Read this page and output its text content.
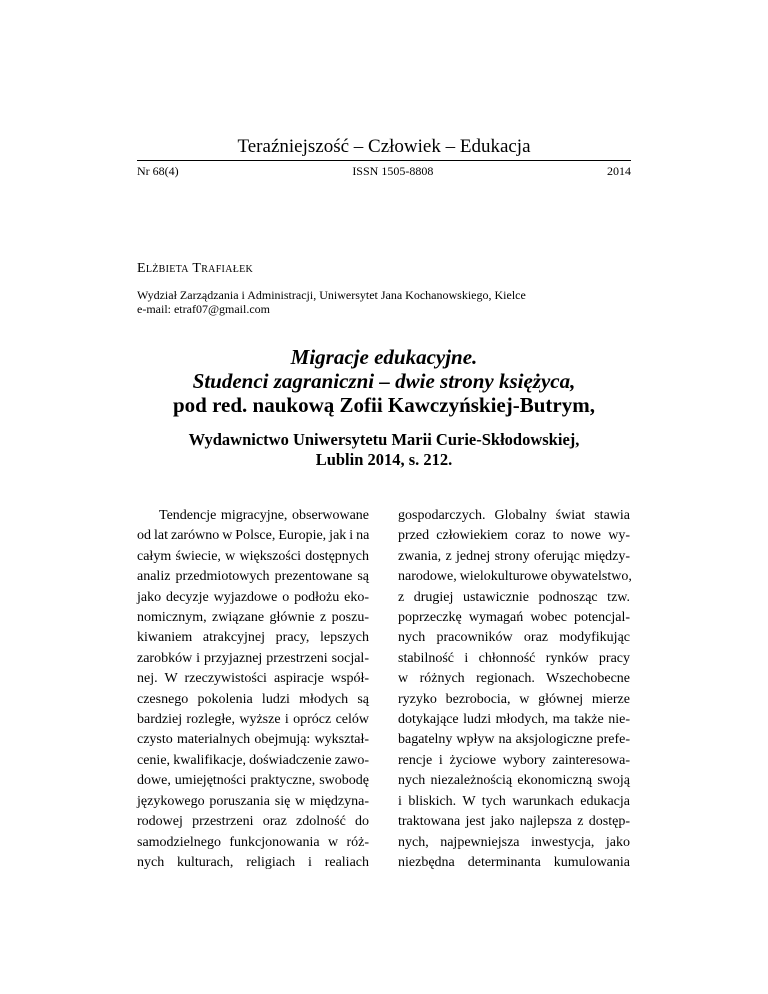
Teraźniejszość – Człowiek – Edukacja
Nr 68(4)	ISSN 1505-8808	2014
Elżbieta Trafiałek
Wydział Zarządzania i Administracji, Uniwersytet Jana Kochanowskiego, Kielce
e-mail: etraf07@gmail.com
Migracje edukacyjne.
Studenci zagraniczni – dwie strony księżyca,
pod red. naukową Zofii Kawczyńskiej-Butrym,
Wydawnictwo Uniwersytetu Marii Curie-Skłodowskiej,
Lublin 2014, s. 212.
Tendencje migracyjne, obserwowane
od lat zarówno w Polsce, Europie, jak i na
całym świecie, w większości dostępnych
analiz przedmiotowych prezentowane są
jako decyzje wyjazdowe o podłożu eko-
nomicznym, związane głównie z poszu-
kiwaniem atrakcyjnej pracy, lepszych
zarobków i przyjaznej przestrzeni socjal-
nej. W rzeczywistości aspiracje współ-
czesnego pokolenia ludzi młodych są
bardziej rozległe, wyższe i oprócz celów
czysto materialnych obejmują: wykształ-
cenie, kwalifikacje, doświadczenie zawo-
dowe, umiejętności praktyczne, swobodę
językowego poruszania się w międzyna-
rodowej przestrzeni oraz zdolność do
samodzielnego funkcjonowania w róż-
nych kulturach, religiach i realiach
gospodarczych. Globalny świat stawia
przed człowiekiem coraz to nowe wy-
zwania, z jednej strony oferując między-
narodowe, wielokulturowe obywatelstwo,
z drugiej ustawicznie podnosząc tzw.
poprzeczkę wymagań wobec potencjal-
nych pracowników oraz modyfikując
stabilność i chłonność rynków pracy
w różnych regionach. Wszechobecne
ryzyko bezrobocia, w głównej mierze
dotykające ludzi młodych, ma także nie-
bagatelny wpływ na aksjologiczne prefe-
rencje i życiowe wybory zainteresowa-
nych niezależnością ekonomiczną swoją
i bliskich. W tych warunkach edukacja
traktowana jest jako najlepsza z dostęp-
nych, najpewniejsza inwestycja, jako
niezbędna determinanta kumulowania
